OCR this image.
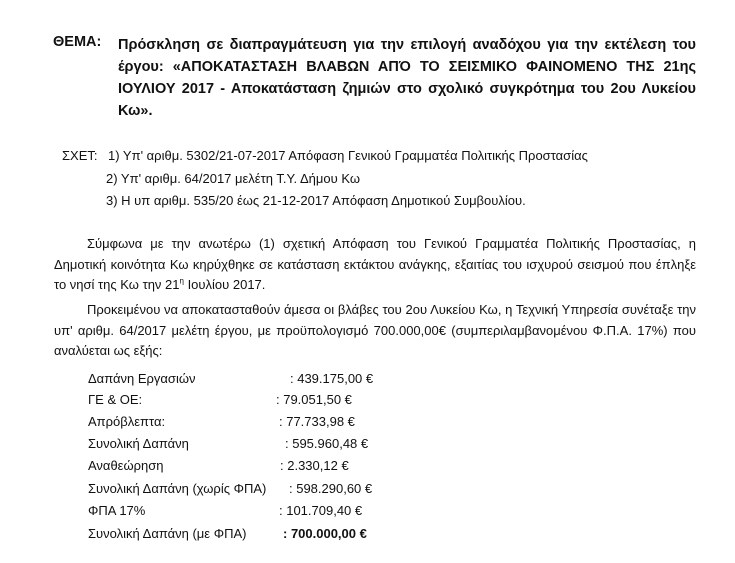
ΘΕΜΑ: Πρόσκληση σε διαπραγμάτευση για την επιλογή αναδόχου για την εκτέλεση του έργου: «ΑΠΟΚΑΤΑΣΤΑΣΗ ΒΛΑΒΩΝ ΑΠΌ ΤΟ ΣΕΙΣΜΙΚΟ ΦΑΙΝΟΜΕΝΟ ΤΗΣ 21ης ΙΟΥΛΙΟΥ 2017 - Αποκατάσταση ζημιών στο σχολικό συγκρότημα του 2ου Λυκείου Κω».
ΣΧΕΤ: 1) Υπ' αριθμ. 5302/21-07-2017 Απόφαση Γενικού Γραμματέα Πολιτικής Προστασίας
2) Υπ' αριθμ. 64/2017 μελέτη Τ.Υ. Δήμου Κω
3) Η υπ αριθμ. 535/20 έως 21-12-2017 Απόφαση Δημοτικού Συμβουλίου.
Σύμφωνα με την ανωτέρω (1) σχετική Απόφαση του Γενικού Γραμματέα Πολιτικής Προστασίας, η Δημοτική κοινότητα Κω κηρύχθηκε σε κατάσταση εκτάκτου ανάγκης, εξαιτίας του ισχυρού σεισμού που έπληξε το νησί της Κω την $21^\eta$ Ιουλίου 2017.
Προκειμένου να αποκατασταθούν άμεσα οι βλάβες του 2ου Λυκείου Κω, η Τεχνική Υπηρεσία συνέταξε την υπ' αριθμ. 64/2017 μελέτη έργου, με προϋπολογισμό 700.000,00€ (συμπεριλαμβανομένου Φ.Π.Α. 17%) που αναλύεται ως εξής:
Δαπάνη Εργασιών	: 439.175,00 €
ΓΕ & ΟΕ:	: 79.051,50 €
Απρόβλεπτα:	: 77.733,98 €
Συνολική Δαπάνη	: 595.960,48 €
Αναθεώρηση	: 2.330,12 €
Συνολική Δαπάνη (χωρίς ΦΠΑ) : 598.290,60 €
ΦΠΑ 17%	: 101.709,40 €
Συνολική Δαπάνη (με ΦΠΑ)	: 700.000,00 €
